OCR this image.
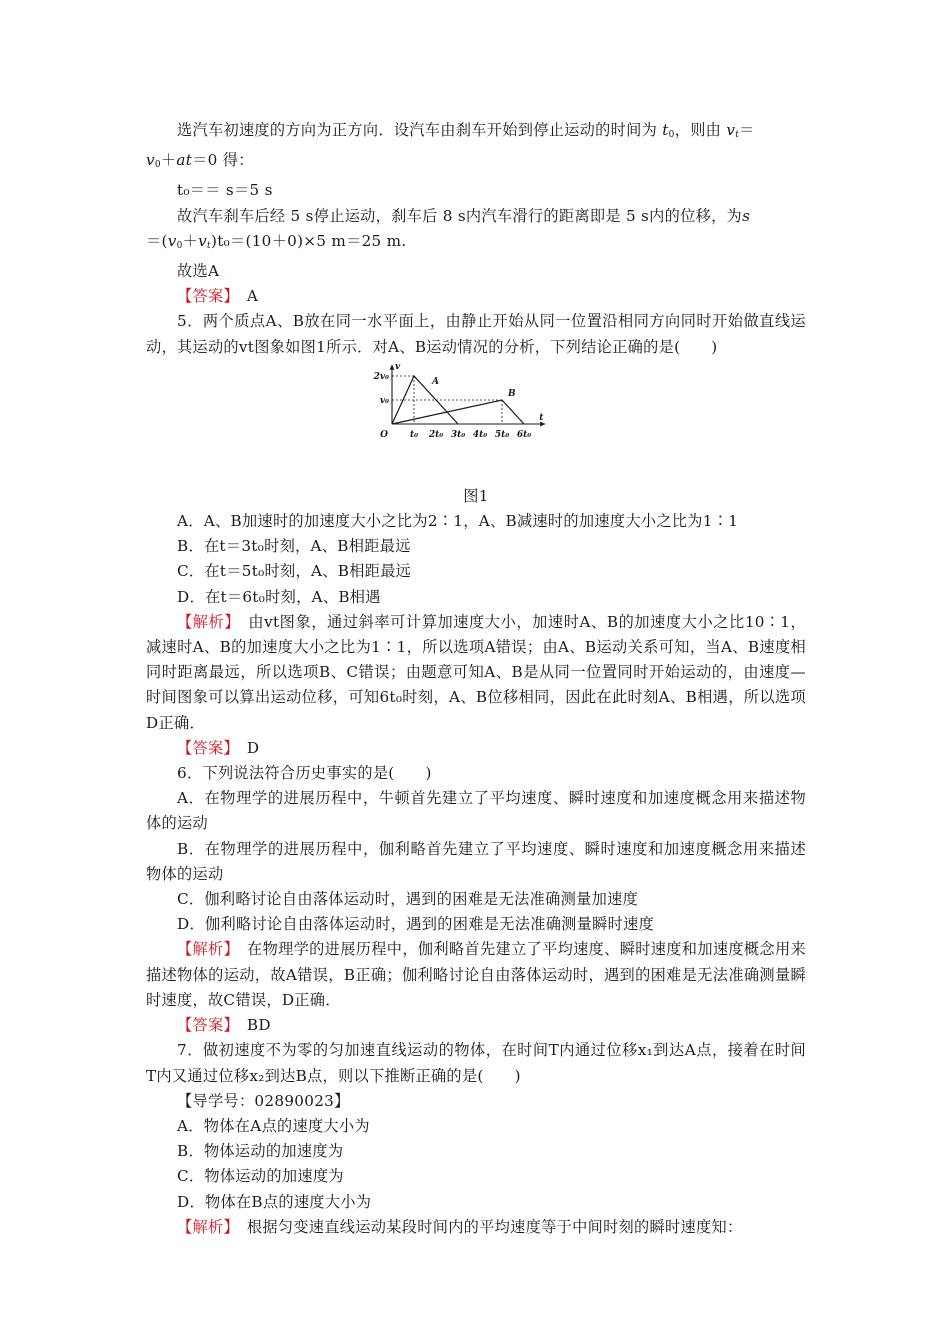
选汽车初速度的方向为正方向．设汽车由刹车开始到停止运动的时间为 $t_0$，则由 $v_t=$

$v_0+at=0$ 得：

t₀＝＝ s＝5 s

故汽车刹车后经 5 s停止运动，刹车后 8 s内汽车滑行的距离即是 5 s内的位移，为s

$=(v_0+v_t)t_0=(10+0)\times 5$ m＝25 m.

故选A

【答案】　 A

5．两个质点A、B放在同一水平面上，由静止开始从同一位置沿相同方向同时开始做直线运动，其运动的vt图象如图1所示．对A、B运动情况的分析，下列结论正确的是(　　)

t
v
v₀
2v₀
O t₀ 2t₀ 3t₀ 4t₀ 5t₀ 6t₀
A
B

图1

A．A、B加速时的加速度大小之比为2∶1，A、B减速时的加速度大小之比为1∶1

B．在t＝3t₀时刻，A、B相距最远

C．在t＝5t₀时刻，A、B相距最远

D．在t＝6t₀时刻，A、B相遇

【解析】　 由vt图象，通过斜率可计算加速度大小，加速时A、B的加速度大小之比10∶1，减速时A、B的加速度大小之比为1∶1，所以选项A错误；由A、B运动关系可知，当A、B速度相同时距离最远，所以选项B、C错误；由题意可知A、B是从同一位置同时开始运动的，由速度—时间图象可以算出运动位移，可知6t₀时刻，A、B位移相同，因此在此时刻A、B相遇，所以选项D正确．

【答案】　 D

6．下列说法符合历史事实的是(　　)

A．在物理学的进展历程中，牛顿首先建立了平均速度、瞬时速度和加速度概念用来描述物体的运动

B．在物理学的进展历程中，伽利略首先建立了平均速度、瞬时速度和加速度概念用来描述物体的运动

C．伽利略讨论自由落体运动时，遇到的困难是无法准确测量加速度

D．伽利略讨论自由落体运动时，遇到的困难是无法准确测量瞬时速度

【解析】　 在物理学的进展历程中，伽利略首先建立了平均速度、瞬时速度和加速度概念用来描述物体的运动，故A错误，B正确；伽利略讨论自由落体运动时，遇到的困难是无法准确测量瞬时速度，故C错误，D正确．

【答案】　 BD

7．做初速度不为零的匀加速直线运动的物体，在时间T内通过位移x₁到达A点，接着在时间T内又通过位移x₂到达B点，则以下推断正确的是(　　)

【导学号：02890023】

A．物体在A点的速度大小为

B．物体运动的加速度为

C．物体运动的加速度为

D．物体在B点的速度大小为

【解析】　 根据匀变速直线运动某段时间内的平均速度等于中间时刻的瞬时速度知：
